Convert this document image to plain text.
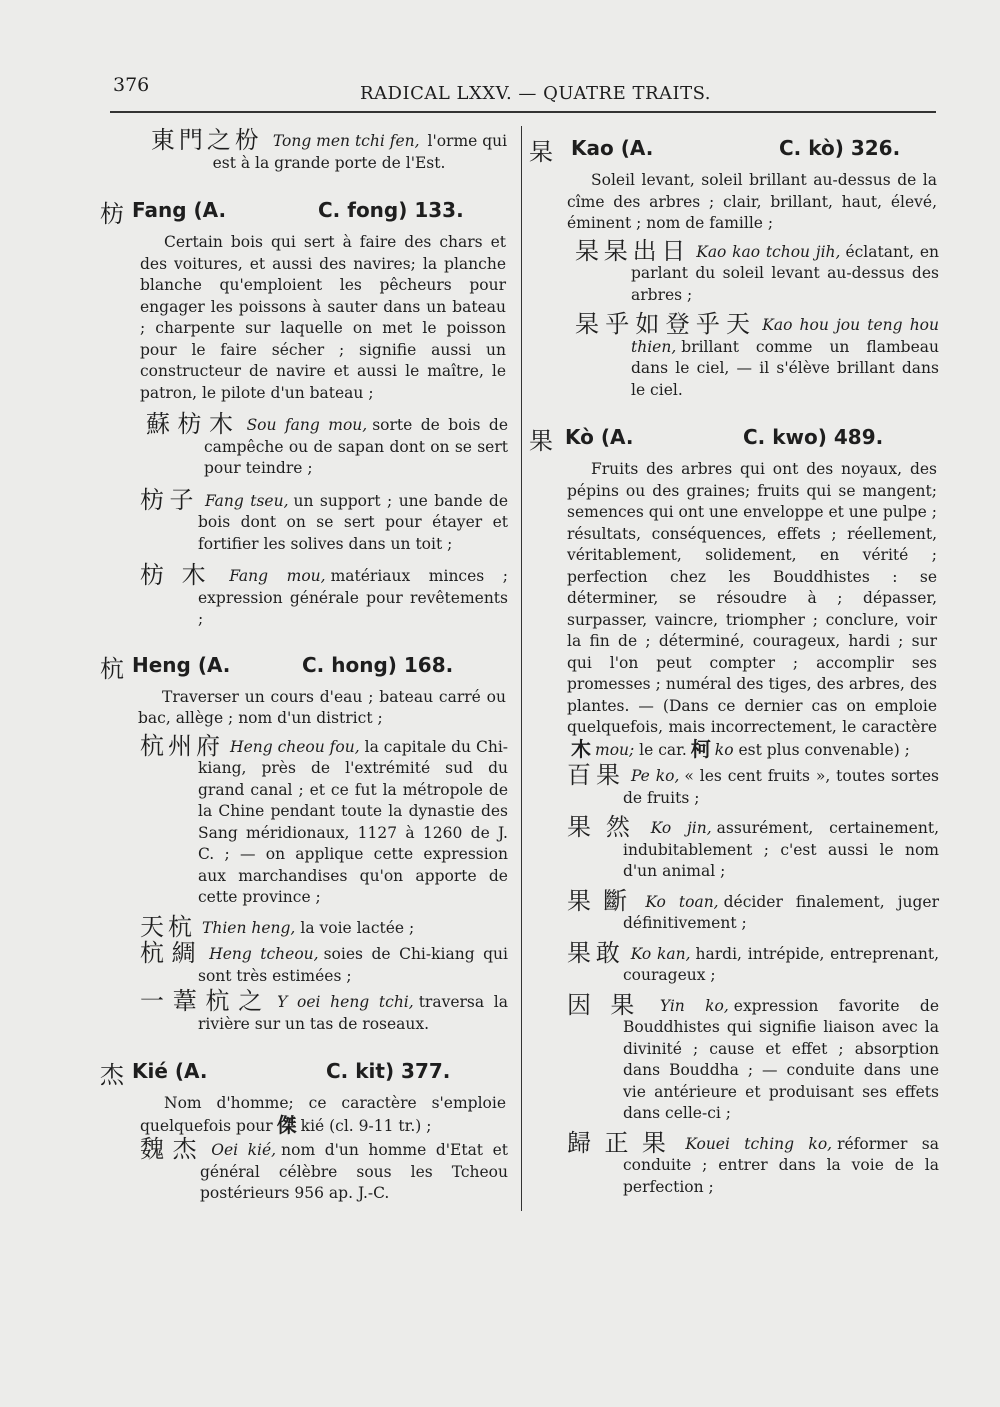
376	RADICAL LXXV. — QUATRE TRAITS.
東門之枌 Tong men tchi fen, l'orme qui est à la grande porte de l'Est.
枋 Fang (A.	C. fong) 133.
Certain bois qui sert à faire des chars et des voitures, et aussi des navires; la planche blanche qu'emploient les pêcheurs pour engager les poissons à sauter dans un bateau ; charpente sur laquelle on met le poisson pour le faire sécher ; signifie aussi un constructeur de navire et aussi le maître, le patron, le pilote d'un bateau ;
蘇枋木 Sou fang mou, sorte de bois de campêche ou de sapan dont on se sert pour teindre ;
枋子 Fang tseu, un support ; une bande de bois dont on se sert pour étayer et fortifier les solives dans un toit ;
枋木 Fang mou, matériaux minces ; expression générale pour revêtements ;
杭 Heng (A.	C. hong) 168.
Traverser un cours d'eau ; bateau carré ou bac, allège ; nom d'un district ;
杭州府 Heng cheou fou, la capitale du Chi-kiang, près de l'extrémité sud du grand canal ; et ce fut la métropole de la Chine pendant toute la dynastie des Sang méridionaux, 1127 à 1260 de J. C. ; — on applique cette expression aux marchandises qu'on apporte de cette province ;
天杭 Thien heng, la voie lactée ;
杭綢 Heng tcheou, soies de Chi-kiang qui sont très estimées ;
一葦杭之 Y oei heng tchi, traversa la rivière sur un tas de roseaux.
杰 Kié (A.	C. kit) 377.
Nom d'homme; ce caractère s'emploie quelquefois pour 傑 kié (cl. 9-11 tr.) ;
魏杰 Oei kié, nom d'un homme d'Etat et général célèbre sous les Tcheou postérieurs 956 ap. J.-C.
杲 Kao (A.	C. kò) 326.
Soleil levant, soleil brillant au-dessus de la cîme des arbres ; clair, brillant, haut, élevé, éminent ; nom de famille ;
杲杲出日 Kao kao tchou jih, éclatant, en parlant du soleil levant au-dessus des arbres ;
杲乎如登乎天 Kao hou jou teng hou thien, brillant comme un flambeau dans le ciel, — il s'élève brillant dans le ciel.
果 Kò (A.	C. kwo) 489.
Fruits des arbres qui ont des noyaux, des pépins ou des graines; fruits qui se mangent; semences qui ont une enveloppe et une pulpe ; résultats, conséquences, effets ; réellement, véritablement, solidement, en vérité ; perfection chez les Bouddhistes : se déterminer, se résoudre à ; dépasser, surpasser, vaincre, triompher ; conclure, voir la fin de ; déterminé, courageux, hardi ; sur qui l'on peut compter ; accomplir ses promesses ; numéral des tiges, des arbres, des plantes. — (Dans ce dernier cas on emploie quelquefois, mais incorrectement, le caractère木 mou; le car. 柯 ko est plus convenable) ;
百果 Pe ko, « les cent fruits », toutes sortes de fruits ;
果然 Ko jin, assurément, certainement, indubitablement ; c'est aussi le nom d'un animal ;
果斷 Ko toan, décider finalement, juger définitivement ;
果敢 Ko kan, hardi, intrépide, entreprenant, courageux ;
因果 Yin ko, expression favorite de Bouddhistes qui signifie liaison avec la divinité ; cause et effet ; absorption dans Bouddha ; — conduite dans une vie antérieure et produisant ses effets dans celle-ci ;
歸正果 Kouei tching ko, réformer sa conduite ; entrer dans la voie de la perfection ;
